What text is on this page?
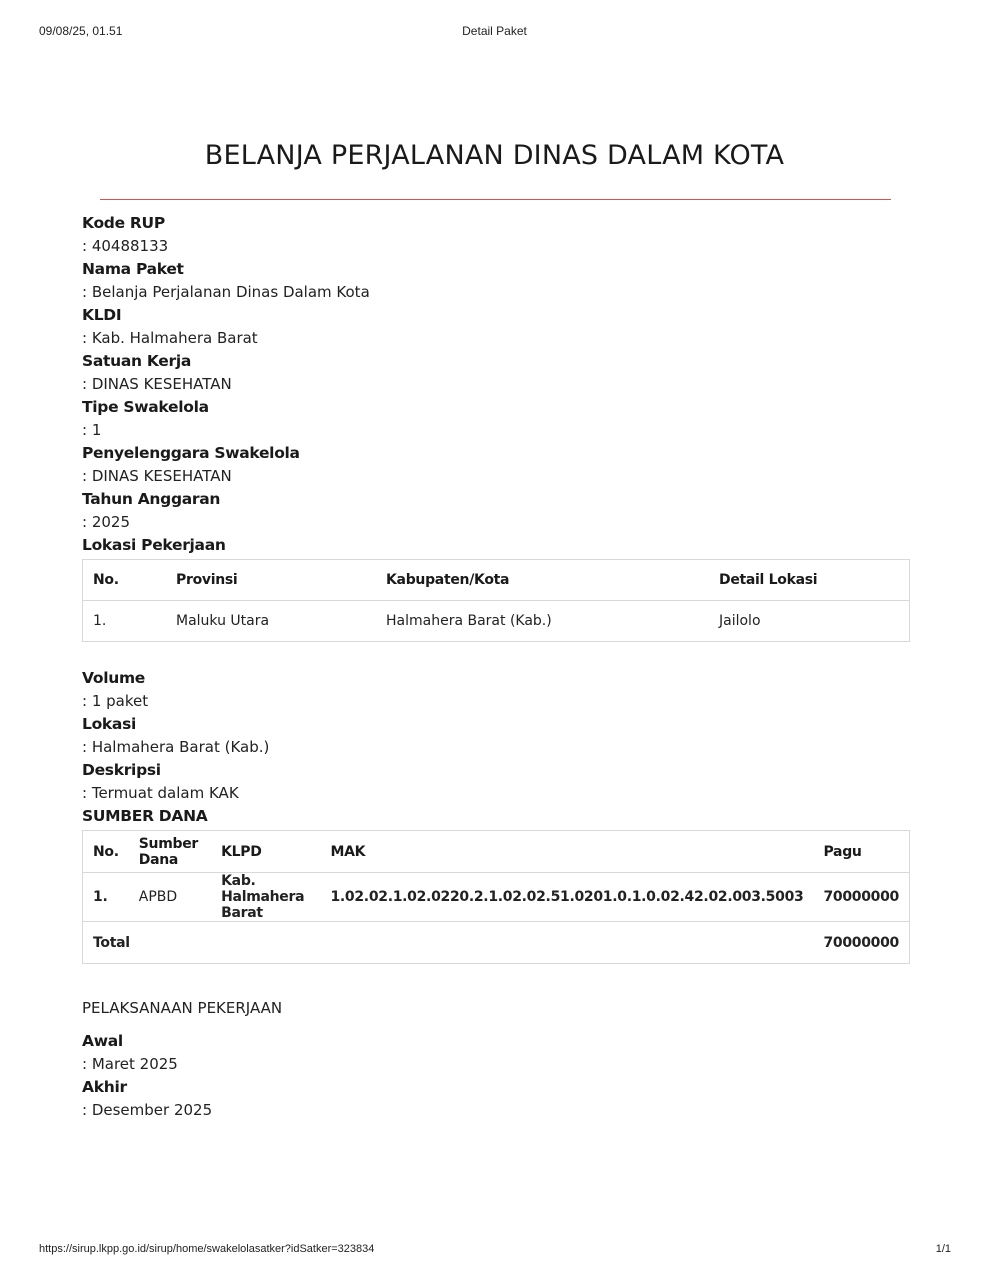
09/08/25, 01.51	Detail Paket
BELANJA PERJALANAN DINAS DALAM KOTA
Kode RUP
: 40488133
Nama Paket
: Belanja Perjalanan Dinas Dalam Kota
KLDI
: Kab. Halmahera Barat
Satuan Kerja
: DINAS KESEHATAN
Tipe Swakelola
: 1
Penyelenggara Swakelola
: DINAS KESEHATAN
Tahun Anggaran
: 2025
Lokasi Pekerjaan
No.	Provinsi	Kabupaten/Kota	Detail Lokasi
1.	Maluku Utara	Halmahera Barat (Kab.)	Jailolo
Volume
: 1 paket
Lokasi
: Halmahera Barat (Kab.)
Deskripsi
: Termuat dalam KAK
SUMBER DANA
No.	Sumber Dana	KLPD	MAK	Pagu
1.	APBD	Kab. Halmahera Barat	1.02.02.1.02.0220.2.1.02.02.51.0201.0.1.0.02.42.02.003.5003	70000000
Total				70000000
PELAKSANAAN PEKERJAAN
Awal
: Maret 2025
Akhir
: Desember 2025
https://sirup.lkpp.go.id/sirup/home/swakelolasatker?idSatker=323834	1/1
